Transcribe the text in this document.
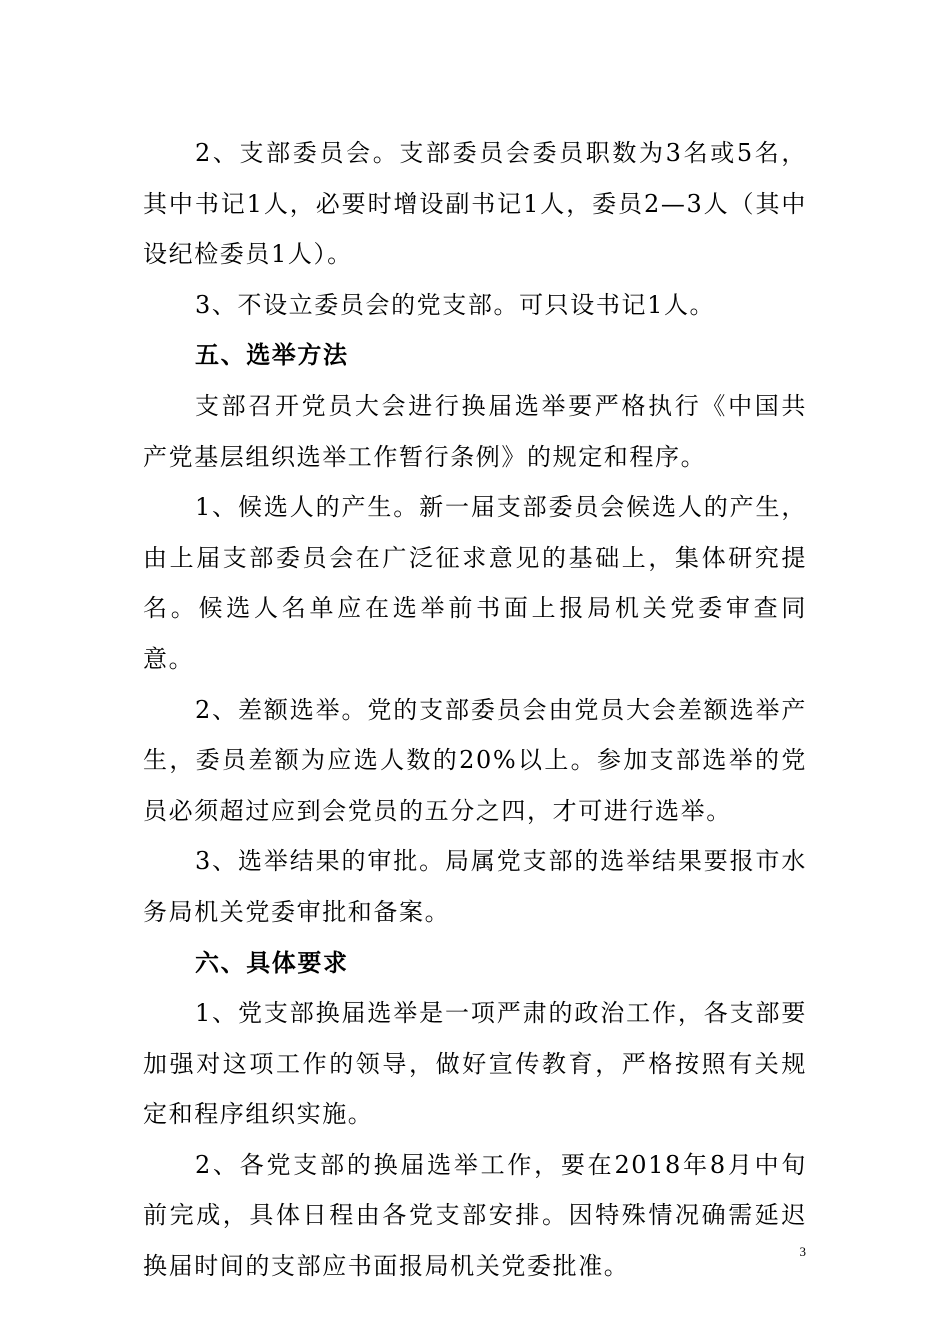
2、支部委员会。支部委员会委员职数为3名或5名，其中书记1人，必要时增设副书记1人，委员2—3人（其中设纪检委员1人）。

3、不设立委员会的党支部。可只设书记1人。

五、选举方法

支部召开党员大会进行换届选举要严格执行《中国共产党基层组织选举工作暂行条例》的规定和程序。

1、候选人的产生。新一届支部委员会候选人的产生，由上届支部委员会在广泛征求意见的基础上，集体研究提名。候选人名单应在选举前书面上报局机关党委审查同意。

2、差额选举。党的支部委员会由党员大会差额选举产生，委员差额为应选人数的20%以上。参加支部选举的党员必须超过应到会党员的五分之四，才可进行选举。

3、选举结果的审批。局属党支部的选举结果要报市水务局机关党委审批和备案。

六、具体要求

1、党支部换届选举是一项严肃的政治工作，各支部要加强对这项工作的领导，做好宣传教育，严格按照有关规定和程序组织实施。

2、各党支部的换届选举工作，要在2018年8月中旬前完成，具体日程由各党支部安排。因特殊情况确需延迟换届时间的支部应书面报局机关党委批准。

3
